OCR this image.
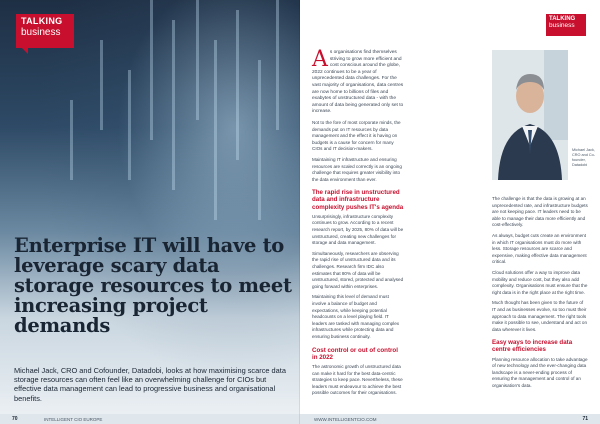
TALKING
business
Enterprise IT will have to leverage scary data storage resources to meet increasing project demands

Michael Jack, CRO and Cofounder, Datadobi, looks at how maximising scarce data storage resources can often feel like an overwhelming challenge for CIOs but effective data management can lead to progressive business and organisational benefits.

70	INTELLIGENT CIO EUROPE
TALKING
business

As organisations find themselves striving to grow more efficient and cost conscious around the globe, 2022 continues to be a year of unprecedented data challenges. For the vast majority of organisations, data centres are now home to billions of files and exabytes of unstructured data - with the amount of data being generated only set to increase.

Not to the fore of most corporate minds, the demands put on IT resources by data management and the effect it is having on budgets is a cause for concern for many CIOs and IT decision-makers.

Maintaining IT infrastructure and ensuring resources are scaled correctly is an ongoing challenge that requires greater visibility into the data environment than ever.

The rapid rise in unstructured data and infrastructure complexity pushes IT's agenda

Unsurprisingly, infrastructure complexity continues to grow. According to a recent research report, by 2025, 80% of data will be unstructured, creating new challenges for storage and data management.

Simultaneously, researchers are observing the rapid rise of unstructured data and its challenges. Research firm IDC also estimates that 80% of data will be unstructured, stored, protected and analysed going forward within enterprises.

Maintaining this level of demand must involve a balance of budget and expectations, while keeping potential headcounts on a level playing field. IT leaders are tasked with managing complex infrastructures while protecting data and ensuring business continuity.

Cost control or out of control in 2022

The astronomic growth of unstructured data can make it hard for the best data-centric strategies to keep pace. Nevertheless, these leaders must endeavour to achieve the best possible outcomes for their organisations.

Michael Jack, CRO and Co-founder, Datadobi

The challenge is that the data is growing at an unprecedented rate, and infrastructure budgets are not keeping pace. IT leaders need to be able to manage their data more efficiently and cost-effectively.

As always, budget cuts create an environment in which IT organisations must do more with less. Storage resources are scarce and expensive, making effective data management critical.

Cloud solutions offer a way to improve data mobility and reduce cost, but they also add complexity. Organisations must ensure that the right data is in the right place at the right time.

Much thought has been given to the future of IT and as businesses evolve, so too must their approach to data management. The right tools make it possible to see, understand and act on data wherever it lives.

Easy ways to increase data centre efficiencies

Planning resource allocation to take advantage of new technology and the ever-changing data landscape is a never-ending process of ensuring the management and control of an organisation's data.

WWW.INTELLIGENTCIO.COM	71
